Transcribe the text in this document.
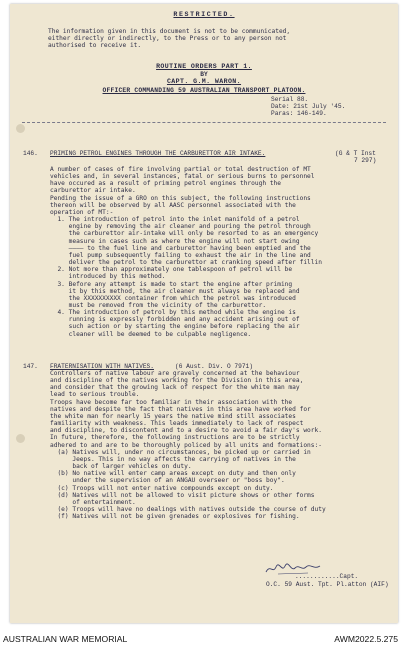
RESTRICTED.
The information given in this document is not to be communicated,
either directly or indirectly, to the Press or to any person not
authorised to receive it.
ROUTINE ORDERS PART 1.
BY
CAPT. G.M. WARON.
OFFICER COMMANDING 59 AUSTRALIAN TRANSPORT PLATOON.
Serial 88.
Date: 21st July '45.
Paras: 146-149.
146. PRIMING PETROL ENGINES THROUGH THE CARBURETTOR AIR INTAKE.	(G & T Inst
7 297)
A number of cases of fire involving partial or total destruction of MT
vehicles and, in several instances, fatal or serious burns to personnel
have occured as a result of priming petrol engines through the
carburettor air intake.
Pending the issue of a GRO on this subject, the following instructions
thereon will be observed by all AASC personnel associated with the
operation of MT:-
1. The introduction of petrol into the inlet manifold of a petrol
engine by removing the air cleaner and pouring the petrol through
the carburettor air-intake will only be resorted to as an emergency
measure in cases such as where the engine will not start owing
———— to the fuel line and carburettor having been emptied and the
fuel pump subsequently failing to exhaust the air in the line and
deliver the petrol to the carburettor at cranking speed after fillin
2. Not more than approximately one tablespoon of petrol will be
introduced by this method.
3. Before any attempt is made to start the engine after priming
it by this method, the air cleaner must always be replaced and
the XXXXXXXXXX container from which the petrol was introduced
must be removed from the vicinity of the carburettor.
4. The introduction of petrol by this method while the engine is
running is expressly forbidden and any accident arising out of
such action or by starting the engine before replacing the air
cleaner will be deemed to be culpable negligence.
147. FRATERNISATION WITH NATIVES.	(6 Aust. Div. O 7971)
Controllers of native labour are gravely concerned at the behaviour
and discipline of the natives working for the Division in this area,
and consider that the growing lack of respect for the white man may
lead to serious trouble.
Troops have become far too familiar in their association with the
natives and despite the fact that natives in this area have worked for
the white man for nearly 15 years the native mind still associates
familiarity with weakness. This leads immediately to lack of respect
and discipline, to discontent and to a desire to avoid a fair day's work.
In future, therefore, the following instructions are to be strictly
adhered to and are to be thoroughly policed by all units and formations:-
(a) Natives will, under no circumstances, be picked up or carried in
Jeeps. This in no way affects the carrying of natives in the
back of larger vehicles on duty.
(b) No native will enter camp areas except on duty and then only
under the supervision of an ANGAU overseer or "boss boy".
(c) Troops will not enter native compounds except on duty.
(d) Natives will not be allowed to visit picture shows or other forms
of entertainment.
(e) Troops will have no dealings with natives outside the course of duty
(f) Natives will not be given grenades or explosives for fishing.
............Capt.
O.C. 59 Aust. Tpt. Pl.atton (AIF)
AUSTRALIAN WAR MEMORIAL	AWM2022.5.275
